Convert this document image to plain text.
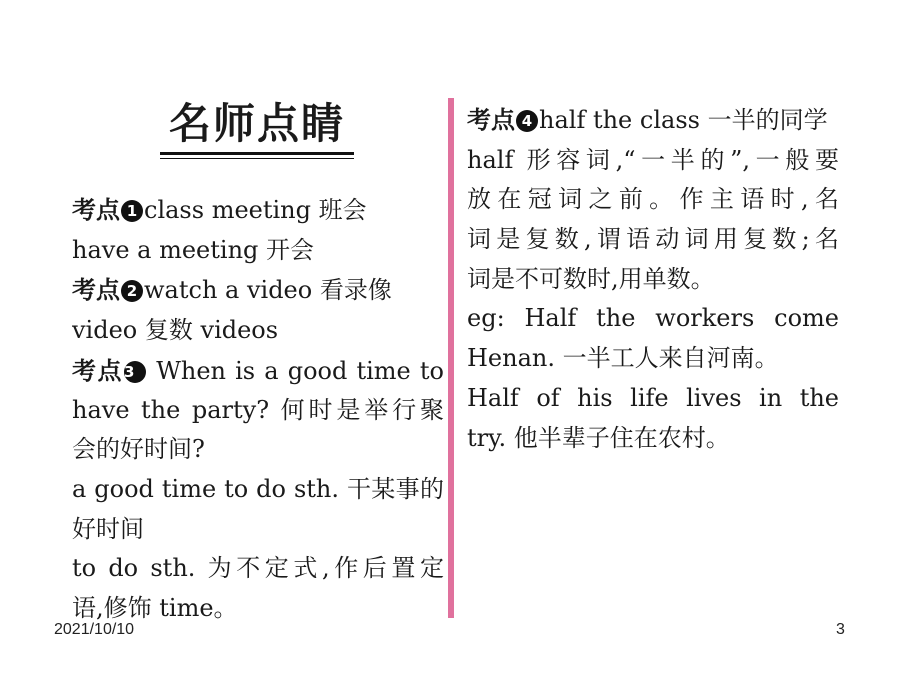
名师点睛
考点 1 class meeting 班会
have a meeting 开会
考点 2 watch a video 看录像
video 复数 videos
考点3 When is a good time to
have the party? 何时是举行聚
会的好时间?
a good time to do sth. 干某事的
好时间
to do sth. 为不定式,作后置定
语,修饰 time。
考点 4 half the class 一半的同学
half 形容词,“一半的”,一般要
放在冠词之前。作主语时,名
词是复数,谓语动词用复数;名
词是不可数时,用单数。
eg: Half the workers come
Henan. 一半工人来自河南。
Half of his life lives in the
try. 他半辈子住在农村。
2021/10/10	3
